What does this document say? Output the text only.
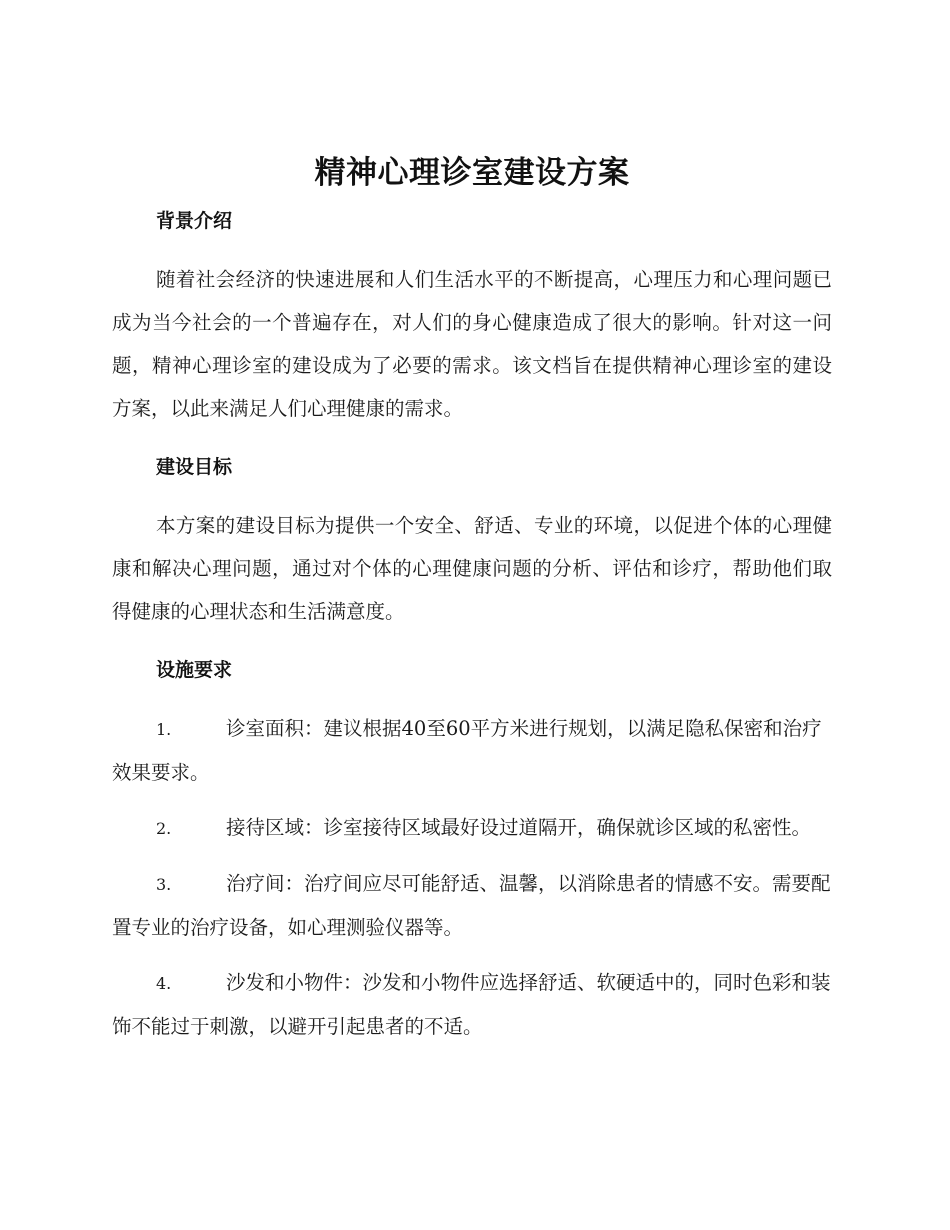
精神心理诊室建设方案
背景介绍

随着社会经济的快速进展和人们生活水平的不断提高，心理压力和心理问题已成为当今社会的一个普遍存在，对人们的身心健康造成了很大的影响。针对这一问题，精神心理诊室的建设成为了必要的需求。该文档旨在提供精神心理诊室的建设方案，以此来满足人们心理健康的需求。

建设目标

本方案的建设目标为提供一个安全、舒适、专业的环境，以促进个体的心理健康和解决心理问题，通过对个体的心理健康问题的分析、评估和诊疗，帮助他们取得健康的心理状态和生活满意度。

设施要求

1.	诊室面积：建议根据40至60平方米进行规划，以满足隐私保密和治疗效果要求。

2.	接待区域：诊室接待区域最好设过道隔开，确保就诊区域的私密性。

3.	治疗间：治疗间应尽可能舒适、温馨，以消除患者的情感不安。需要配置专业的治疗设备，如心理测验仪器等。

4.	沙发和小物件：沙发和小物件应选择舒适、软硬适中的，同时色彩和装饰不能过于刺激，以避开引起患者的不适。
